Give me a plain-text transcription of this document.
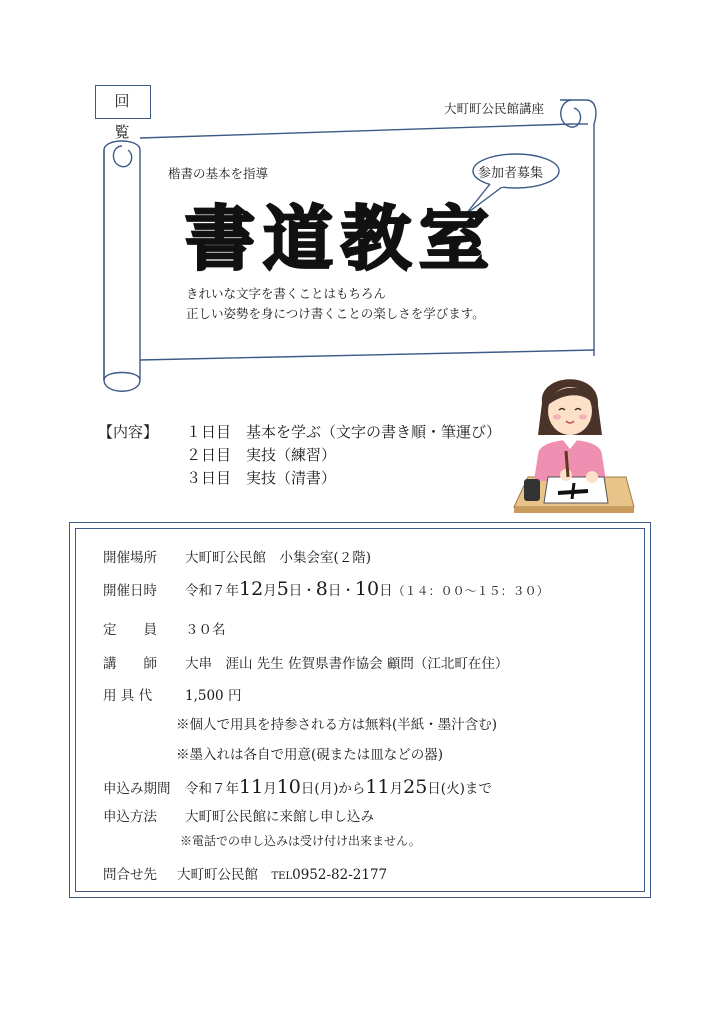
回 覧
大町町公民館講座
楷書の基本を指導	参加者募集
書道教室
きれいな文字を書くことはもちろん
正しい姿勢を身につけ書くことの楽しさを学びます。
【内容】	１日目　基本を学ぶ（文字の書き順・筆運び）
２日目　実技（練習）
３日目　実技（清書）
開催場所 大町町公民館　小集会室(２階)
開催日時 令和７年12月5日・8日・10日（１４：００～１５：３０）
定　　員 ３０名
講　　師 大串　涯山 先生 佐賀県書作協会 顧問（江北町在住）
用 具 代 1,500 円
※個人で用具を持参される方は無料(半紙・墨汁含む)
※墨入れは各自で用意(硯または皿などの器)
申込み期間 令和７年11月10日(月)から11月25日(火)まで
申込方法 大町町公民館に来館し申し込み
※電話での申し込みは受け付け出来ません。
問合せ先 大町町公民館　TEL0952-82-2177
